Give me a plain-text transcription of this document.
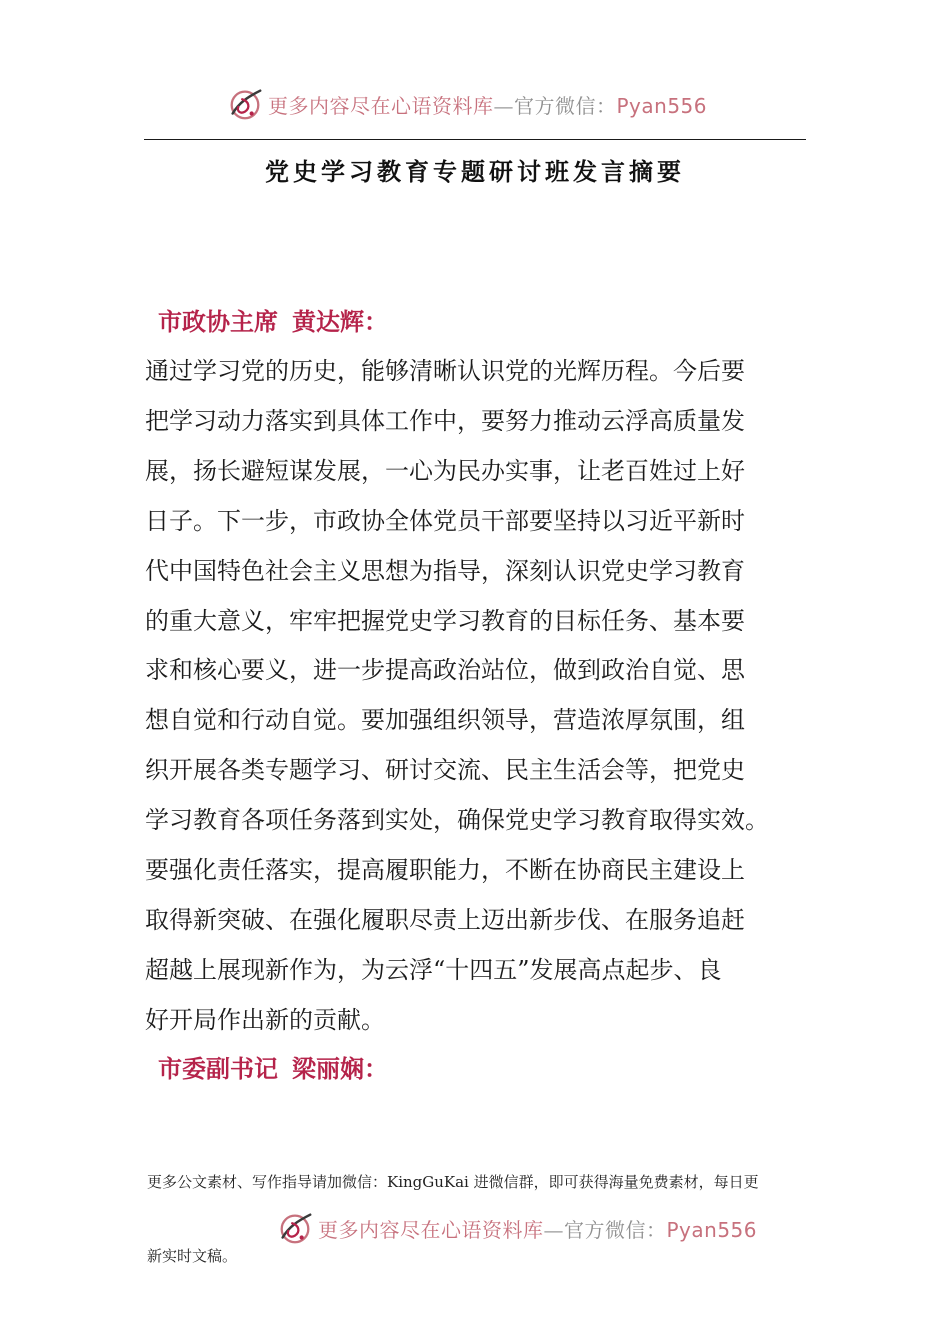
更多内容尽在心语资料库—官方微信：Pyan556
党史学习教育专题研讨班发言摘要

市政协主席 黄达辉：

通过学习党的历史，能够清晰认识党的光辉历程。今后要
把学习动力落实到具体工作中，要努力推动云浮高质量发
展，扬长避短谋发展，一心为民办实事，让老百姓过上好
日子。下一步，市政协全体党员干部要坚持以习近平新时
代中国特色社会主义思想为指导，深刻认识党史学习教育
的重大意义，牢牢把握党史学习教育的目标任务、基本要
求和核心要义，进一步提高政治站位，做到政治自觉、思
想自觉和行动自觉。要加强组织领导，营造浓厚氛围，组
织开展各类专题学习、研讨交流、民主生活会等，把党史
学习教育各项任务落到实处，确保党史学习教育取得实效。
要强化责任落实，提高履职能力，不断在协商民主建设上
取得新突破、在强化履职尽责上迈出新步伐、在服务追赶
超越上展现新作为，为云浮“十四五”发展高点起步、良
好开局作出新的贡献。

市委副书记 梁丽娴：

更多公文素材、写作指导请加微信：KingGuKai 进微信群，即可获得海量免费素材，每日更

更多内容尽在心语资料库—官方微信：Pyan556

新实时文稿。
